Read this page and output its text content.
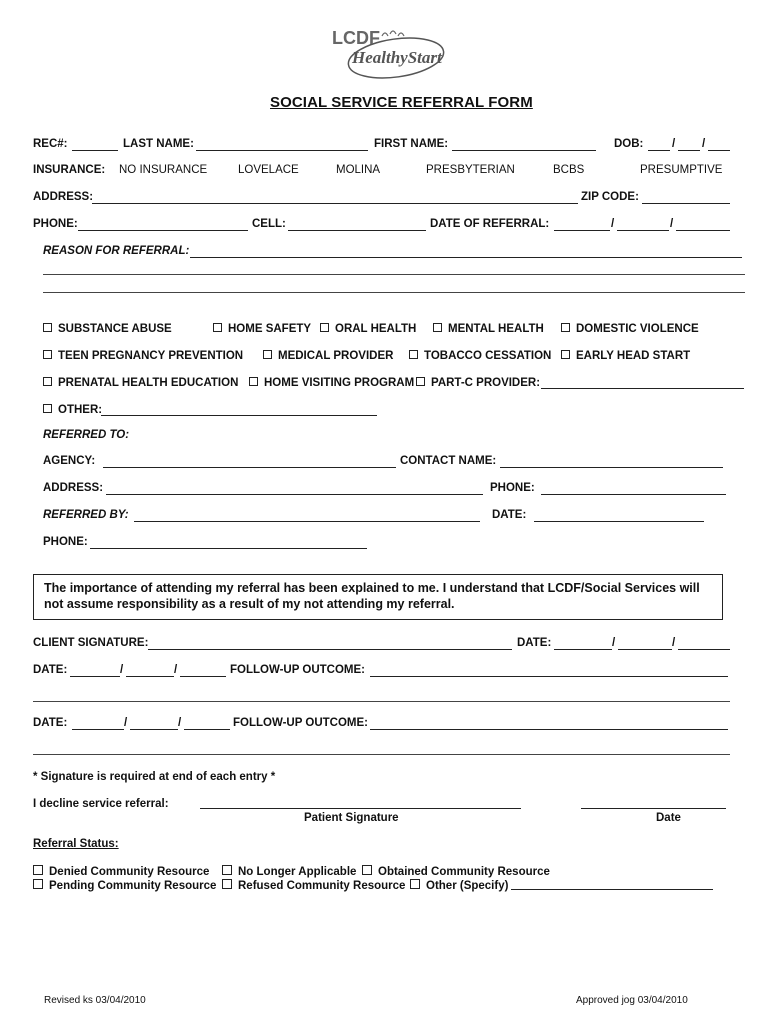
LCDF
HealthyStart
SOCIAL SERVICE REFERRAL FORM
REC#:	LAST NAME:	FIRST NAME:	DOB: / /
INSURANCE: NO INSURANCE	LOVELACE	MOLINA	PRESBYTERIAN	BCBS	PRESUMPTIVE
ADDRESS:	ZIP CODE:
PHONE:	CELL:	DATE OF REFERRAL:	/	/
REASON FOR REFERRAL:
SUBSTANCE ABUSE	HOME SAFETY	ORAL HEALTH	MENTAL HEALTH	DOMESTIC VIOLENCE
TEEN PREGNANCY PREVENTION	MEDICAL PROVIDER	TOBACCO CESSATION	EARLY HEAD START
PRENATAL HEALTH EDUCATION	HOME VISITING PROGRAM	PART-C PROVIDER:
OTHER:
REFERRED TO:
AGENCY:	CONTACT NAME:
ADDRESS:	PHONE:
REFERRED BY:	DATE:
PHONE:
The importance of attending my referral has been explained to me. I understand that LCDF/Social Services will not assume responsibility as a result of my not attending my referral.
CLIENT SIGNATURE:	DATE:	/	/
DATE:	/	/	FOLLOW-UP OUTCOME:
DATE:	/	/	FOLLOW-UP OUTCOME:
* Signature is required at end of each entry *
I decline service referral:
Patient Signature	Date
Referral Status:
Denied Community Resource	No Longer Applicable	Obtained Community Resource
Pending Community Resource	Refused Community Resource	Other (Specify)
Revised ks 03/04/2010	Approved jog 03/04/2010
